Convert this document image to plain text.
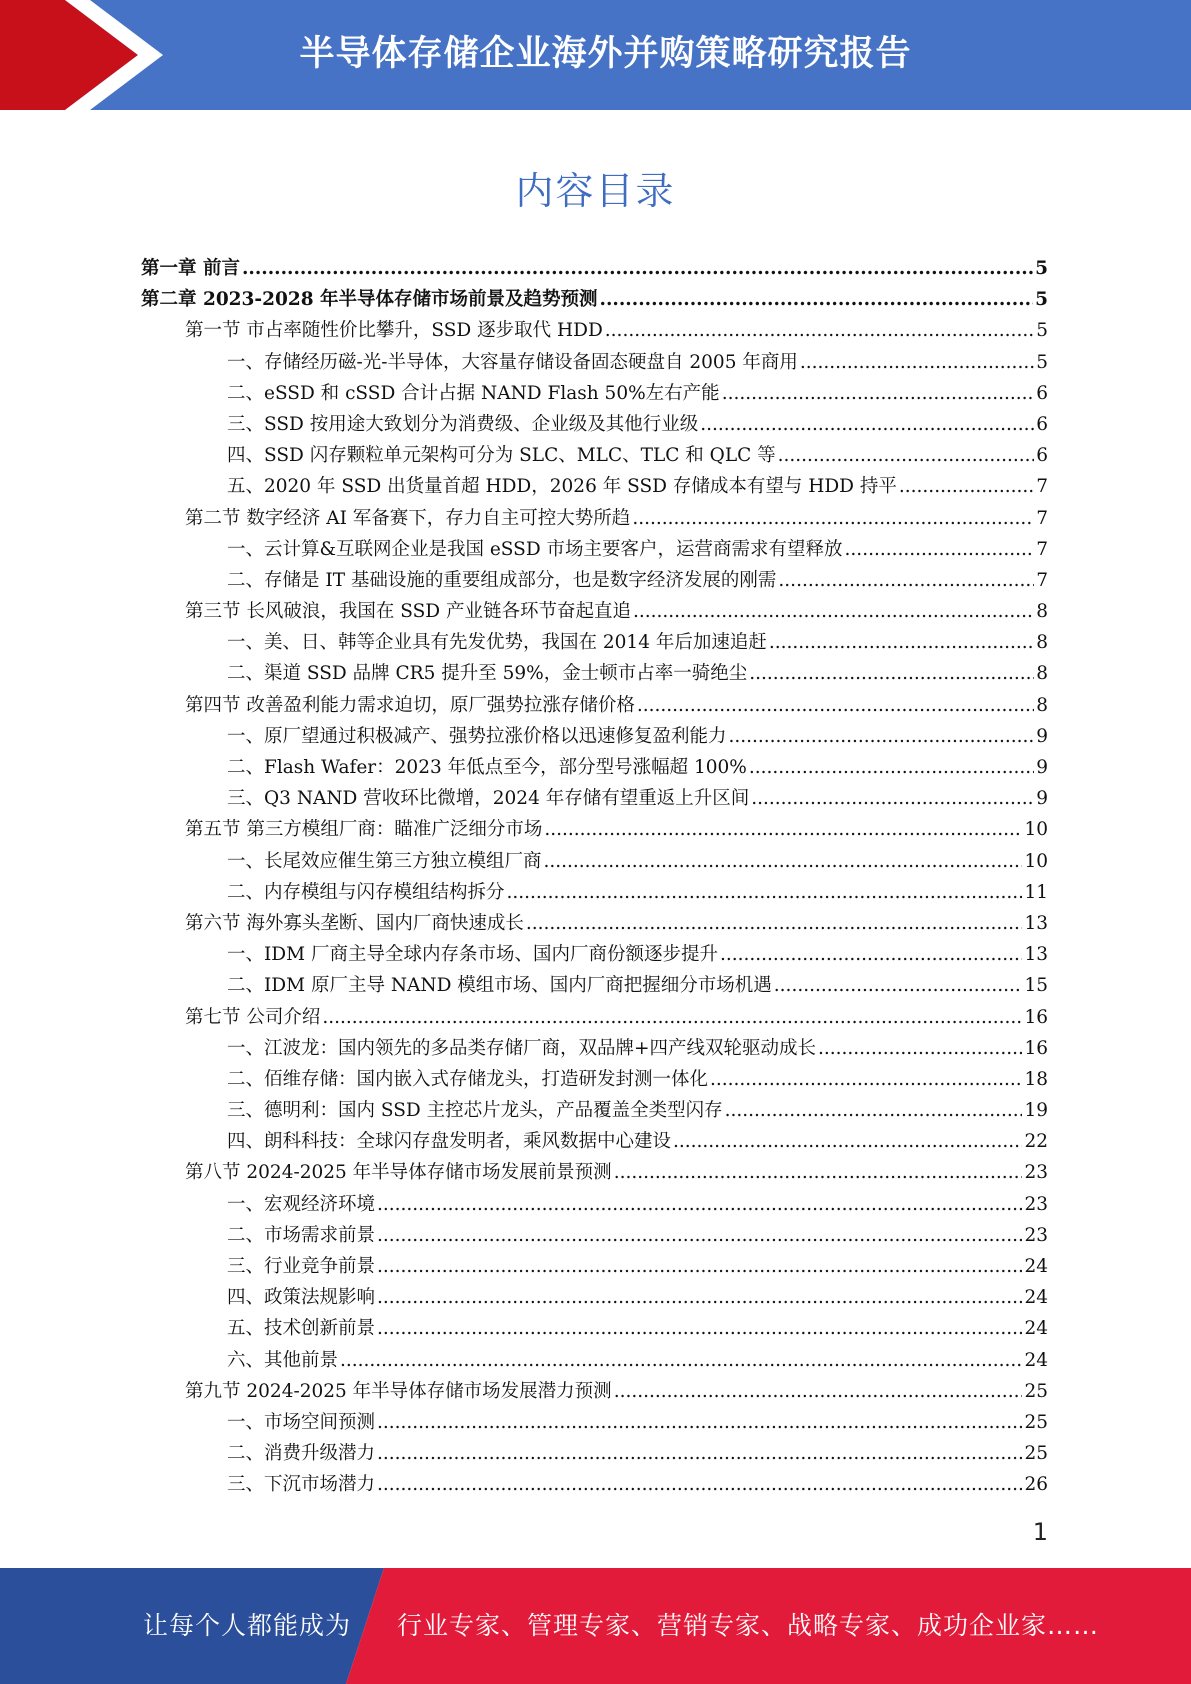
半导体存储企业海外并购策略研究报告
内容目录
第一章 前言 .....	5
第二章 2023-2028 年半导体存储市场前景及趋势预测 .....	5
第一节 市占率随性价比攀升，SSD 逐步取代 HDD .....	5
一、存储经历磁-光-半导体，大容量存储设备固态硬盘自 2005 年商用 .....	5
二、eSSD 和 cSSD 合计占据 NAND Flash 50%左右产能 .....	6
三、SSD 按用途大致划分为消费级、企业级及其他行业级 .....	6
四、SSD 闪存颗粒单元架构可分为 SLC、MLC、TLC 和 QLC 等 .....	6
五、2020 年 SSD 出货量首超 HDD，2026 年 SSD 存储成本有望与 HDD 持平 .....	7
第二节 数字经济 AI 军备赛下，存力自主可控大势所趋 .....	7
一、云计算&互联网企业是我国 eSSD 市场主要客户，运营商需求有望释放 .....	7
二、存储是 IT 基础设施的重要组成部分，也是数字经济发展的刚需 .....	7
第三节 长风破浪，我国在 SSD 产业链各环节奋起直追 .....	8
一、美、日、韩等企业具有先发优势，我国在 2014 年后加速追赶 .....	8
二、渠道 SSD 品牌 CR5 提升至 59%，金士顿市占率一骑绝尘 .....	8
第四节 改善盈利能力需求迫切，原厂强势拉涨存储价格 .....	8
一、原厂望通过积极减产、强势拉涨价格以迅速修复盈利能力 .....	9
二、Flash Wafer：2023 年低点至今，部分型号涨幅超 100% .....	9
三、Q3 NAND 营收环比微增，2024 年存储有望重返上升区间 .....	9
第五节 第三方模组厂商：瞄准广泛细分市场 .....	10
一、长尾效应催生第三方独立模组厂商 .....	10
二、内存模组与闪存模组结构拆分 .....	11
第六节 海外寡头垄断、国内厂商快速成长 .....	13
一、IDM 厂商主导全球内存条市场、国内厂商份额逐步提升 .....	13
二、IDM 原厂主导 NAND 模组市场、国内厂商把握细分市场机遇 .....	15
第七节 公司介绍 .....	16
一、江波龙：国内领先的多品类存储厂商，双品牌+四产线双轮驱动成长 .....	16
二、佰维存储：国内嵌入式存储龙头，打造研发封测一体化 .....	18
三、德明利：国内 SSD 主控芯片龙头，产品覆盖全类型闪存 .....	19
四、朗科科技：全球闪存盘发明者，乘风数据中心建设 .....	22
第八节 2024-2025 年半导体存储市场发展前景预测 .....	23
一、宏观经济环境 .....	23
二、市场需求前景 .....	23
三、行业竞争前景 .....	24
四、政策法规影响 .....	24
五、技术创新前景 .....	24
六、其他前景 .....	24
第九节 2024-2025 年半导体存储市场发展潜力预测 .....	25
一、市场空间预测 .....	25
二、消费升级潜力 .....	25
三、下沉市场潜力 .....	26
1
让每个人都能成为 行业专家、管理专家、营销专家、战略专家、成功企业家……
